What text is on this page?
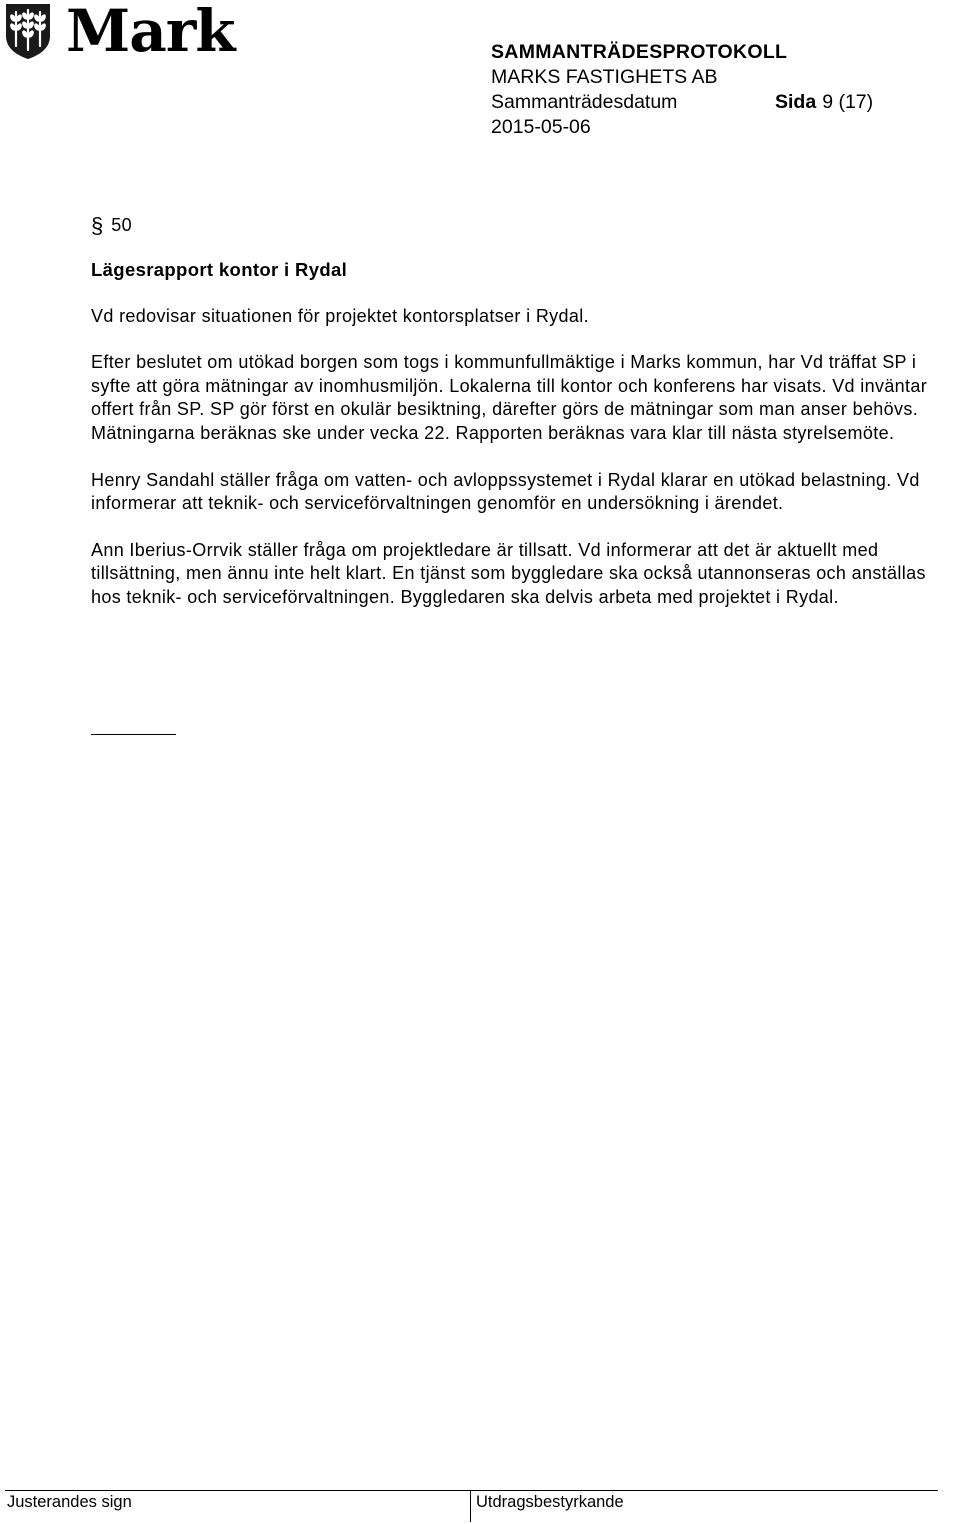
Mark	SAMMANTRÄDESPROTOKOLL
MARKS FASTIGHETS AB
Sammanträdesdatum	Sida 9 (17)
2015-05-06
§ 50
Lägesrapport kontor i Rydal

Vd redovisar situationen för projektet kontorsplatser i Rydal.

Efter beslutet om utökad borgen som togs i kommunfullmäktige i Marks kommun, har Vd träffat SP i syfte att göra mätningar av inomhusmiljön. Lokalerna till kontor och konferens har visats. Vd inväntar offert från SP. SP gör först en okulär besiktning, därefter görs de mätningar som man anser behövs. Mätningarna beräknas ske under vecka 22. Rapporten beräknas vara klar till nästa styrelsemöte.

Henry Sandahl ställer fråga om vatten- och avloppssystemet i Rydal klarar en utökad belastning. Vd informerar att teknik- och serviceförvaltningen genomför en undersökning i ärendet.

Ann Iberius-Orrvik ställer fråga om projektledare är tillsatt. Vd informerar att det är aktuellt med tillsättning, men ännu inte helt klart. En tjänst som byggledare ska också utannonseras och anställas hos teknik- och serviceförvaltningen. Byggledaren ska delvis arbeta med projektet i Rydal.

Justerandes sign	Utdragsbestyrkande
